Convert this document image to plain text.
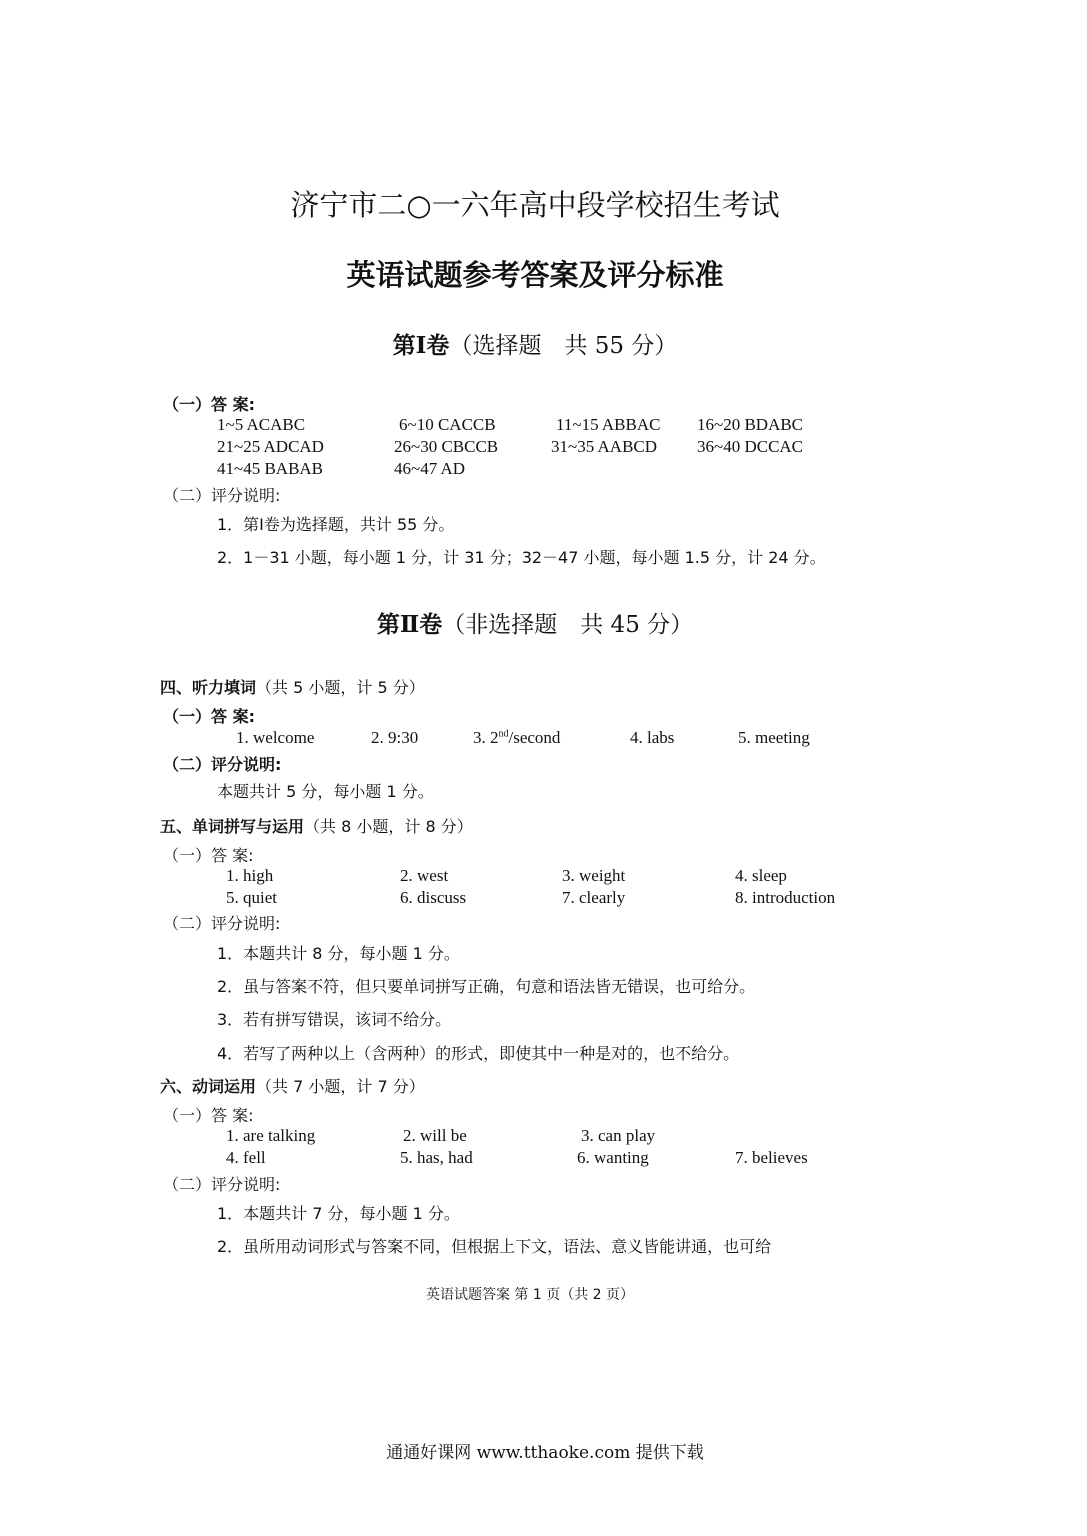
济宁市二○一六年高中段学校招生考试
英语试题参考答案及评分标准
第Ⅰ卷（选择题　共 55 分）
（一）答 案:
1~5 ACABC	6~10 CACCB	11~15 ABBAC 16~20 BDABC
21~25 ADCAD	26~30 CBCCB	31~35 AABCD 36~40 DCCAC
41~45 BABAB	46~47 AD
（二）评分说明:
1．第Ⅰ卷为选择题，共计 55 分。
2．1－31 小题，每小题 1 分，计 31 分；32－47 小题，每小题 1.5 分，计 24 分。
第Ⅱ卷（非选择题　共 45 分）
四、听力填词（共 5 小题，计 5 分）
（一）答 案:
1. welcome	2. 9:30	3. 2nd/second	4. labs	5. meeting
（二）评分说明:
本题共计 5 分，每小题 1 分。
五、单词拼写与运用（共 8 小题，计 8 分）
（一）答 案:
1. high	2. west	3. weight	4. sleep
5. quiet	6. discuss	7. clearly	8. introduction
（二）评分说明:
1．本题共计 8 分，每小题 1 分。
2．虽与答案不符，但只要单词拼写正确，句意和语法皆无错误，也可给分。
3．若有拼写错误，该词不给分。
4．若写了两种以上（含两种）的形式，即使其中一种是对的，也不给分。
六、动词运用（共 7 小题，计 7 分）
（一）答 案:
1. are talking	2. will be	3. can play
4. fell	5. has, had	6. wanting	7. believes
（二）评分说明:
1．本题共计 7 分，每小题 1 分。
2．虽所用动词形式与答案不同，但根据上下文，语法、意义皆能讲通，也可给
英语试题答案 第 1 页（共 2 页）
通通好课网 www.tthaoke.com 提供下载
